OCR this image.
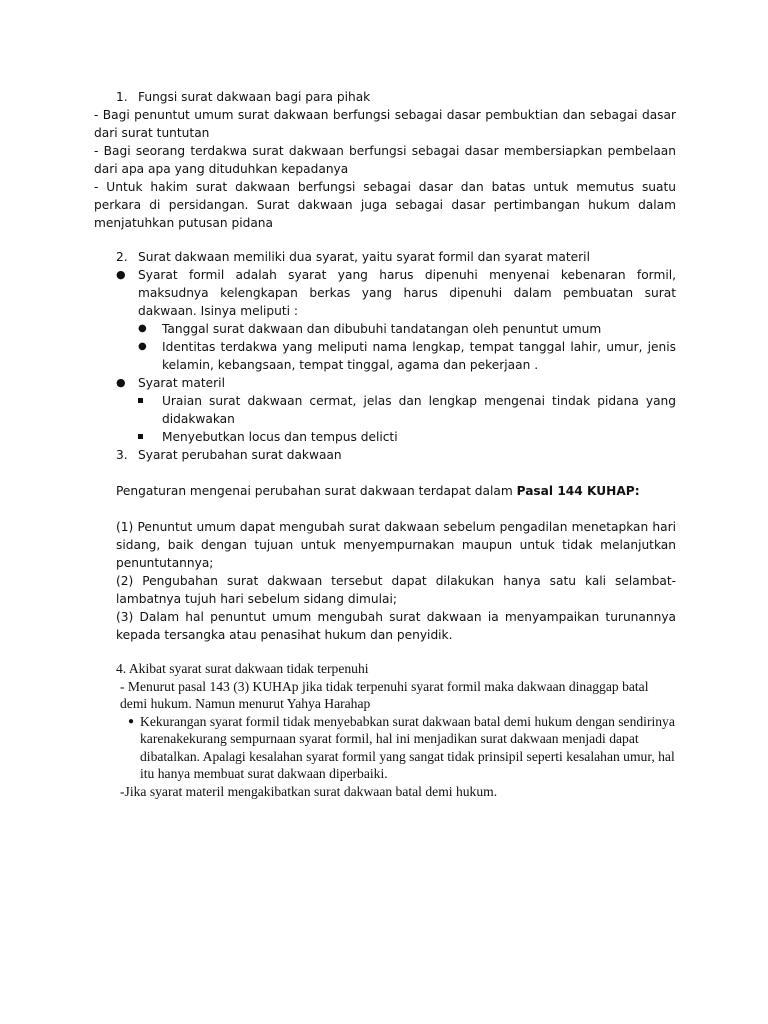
1. Fungsi surat dakwaan bagi para pihak
- Bagi penuntut umum surat dakwaan berfungsi sebagai dasar pembuktian dan sebagai dasar dari surat tuntutan
- Bagi seorang terdakwa surat dakwaan berfungsi sebagai dasar membersiapkan pembelaan dari apa apa yang dituduhkan kepadanya
- Untuk hakim surat dakwaan berfungsi sebagai dasar dan batas untuk memutus suatu perkara di persidangan. Surat dakwaan juga sebagai dasar pertimbangan hukum dalam menjatuhkan putusan pidana
2. Surat dakwaan memiliki dua syarat, yaitu syarat formil dan syarat materil
●	Syarat formil adalah syarat yang harus dipenuhi menyenai kebenaran formil, maksudnya kelengkapan berkas yang harus dipenuhi dalam pembuatan surat dakwaan. Isinya meliputi :
●	Tanggal surat dakwaan dan dibubuhi tandatangan oleh penuntut umum
●	Identitas terdakwa yang meliputi nama lengkap, tempat tanggal lahir, umur, jenis kelamin, kebangsaan, tempat tinggal, agama dan pekerjaan .
●	Syarat materil
Uraian surat dakwaan cermat, jelas dan lengkap mengenai tindak pidana yang didakwakan
Menyebutkan locus dan tempus delicti
3. Syarat perubahan surat dakwaan
Pengaturan mengenai perubahan surat dakwaan terdapat dalam Pasal 144 KUHAP:
(1) Penuntut umum dapat mengubah surat dakwaan sebelum pengadilan menetapkan hari sidang, baik dengan tujuan untuk menyempurnakan maupun untuk tidak melanjutkan penuntutannya;
(2) Pengubahan surat dakwaan tersebut dapat dilakukan hanya satu kali selambat-lambatnya tujuh hari sebelum sidang dimulai;
(3) Dalam hal penuntut umum mengubah surat dakwaan ia menyampaikan turunannya kepada tersangka atau penasihat hukum dan penyidik.
4. Akibat syarat surat dakwaan tidak terpenuhi
- Menurut pasal 143 (3) KUHAp jika tidak terpenuhi syarat formil maka dakwaan dinaggap batal demi hukum. Namun menurut Yahya Harahap
● Kekurangan syarat formil tidak menyebabkan surat dakwaan batal demi hukum dengan sendirinya karenakekurang sempurnaan syarat formil, hal ini menjadikan surat dakwaan menjadi dapat dibatalkan. Apalagi kesalahan syarat formil yang sangat tidak prinsipil seperti kesalahan umur, hal itu hanya membuat surat dakwaan diperbaiki.
-Jika syarat materil mengakibatkan surat dakwaan batal demi hukum.
